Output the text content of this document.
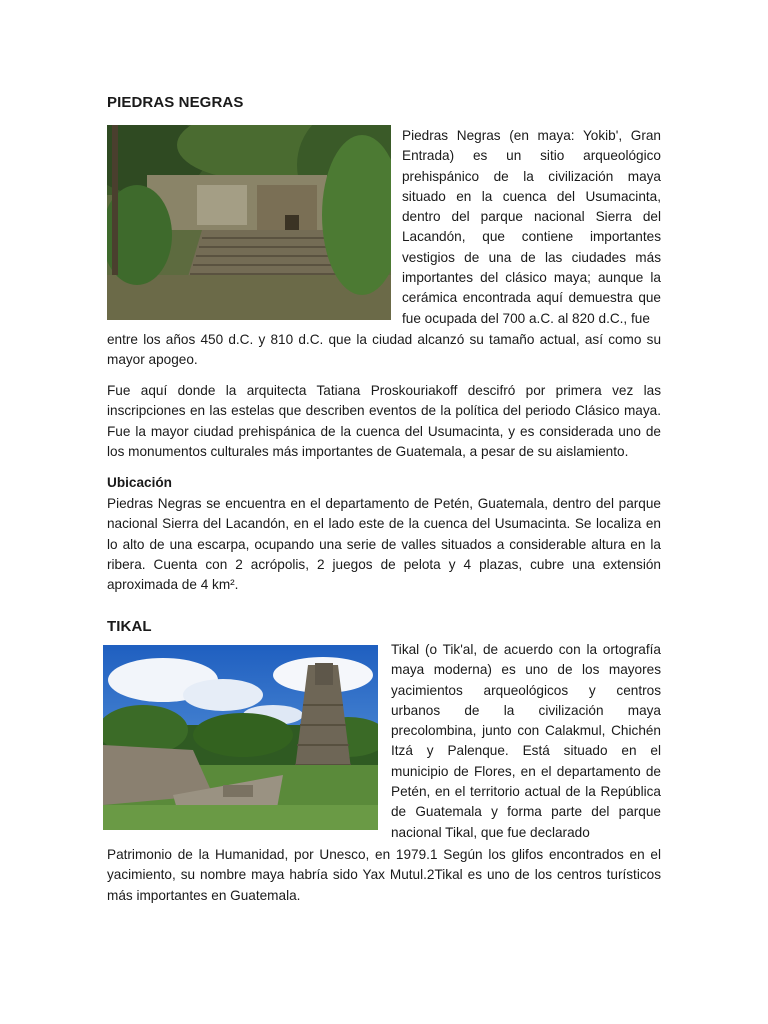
PIEDRAS NEGRAS
Piedras Negras (en maya: Yokib', Gran Entrada) es un sitio arqueológico prehispánico de la civilización maya situado en la cuenca del Usumacinta, dentro del parque nacional Sierra del Lacandón, que contiene importantes vestigios de una de las ciudades más importantes del clásico maya; aunque la cerámica encontrada aquí demuestra que fue ocupada del 700 a.C. al 820 d.C., fue
entre los años 450 d.C. y 810 d.C. que la ciudad alcanzó su tamaño actual, así como su mayor apogeo.
Fue aquí donde la arquitecta Tatiana Proskouriakoff descifró por primera vez las inscripciones en las estelas que describen eventos de la política del periodo Clásico maya. Fue la mayor ciudad prehispánica de la cuenca del Usumacinta, y es considerada uno de los monumentos culturales más importantes de Guatemala, a pesar de su aislamiento.
Ubicación
Piedras Negras se encuentra en el departamento de Petén, Guatemala, dentro del parque nacional Sierra del Lacandón, en el lado este de la cuenca del Usumacinta. Se localiza en lo alto de una escarpa, ocupando una serie de valles situados a considerable altura en la ribera. Cuenta con 2 acrópolis, 2 juegos de pelota y 4 plazas, cubre una extensión aproximada de 4 km².
TIKAL
Tikal (o Tik'al, de acuerdo con la ortografía maya moderna) es uno de los mayores yacimientos arqueológicos y centros urbanos de la civilización maya precolombina, junto con Calakmul, Chichén Itzá y Palenque. Está situado en el municipio de Flores, en el departamento de Petén, en el territorio actual de la República de Guatemala y forma parte del parque nacional Tikal, que fue declarado
Patrimonio de la Humanidad, por Unesco, en 1979.1 Según los glifos encontrados en el yacimiento, su nombre maya habría sido Yax Mutul.2Tikal es uno de los centros turísticos más importantes en Guatemala.
